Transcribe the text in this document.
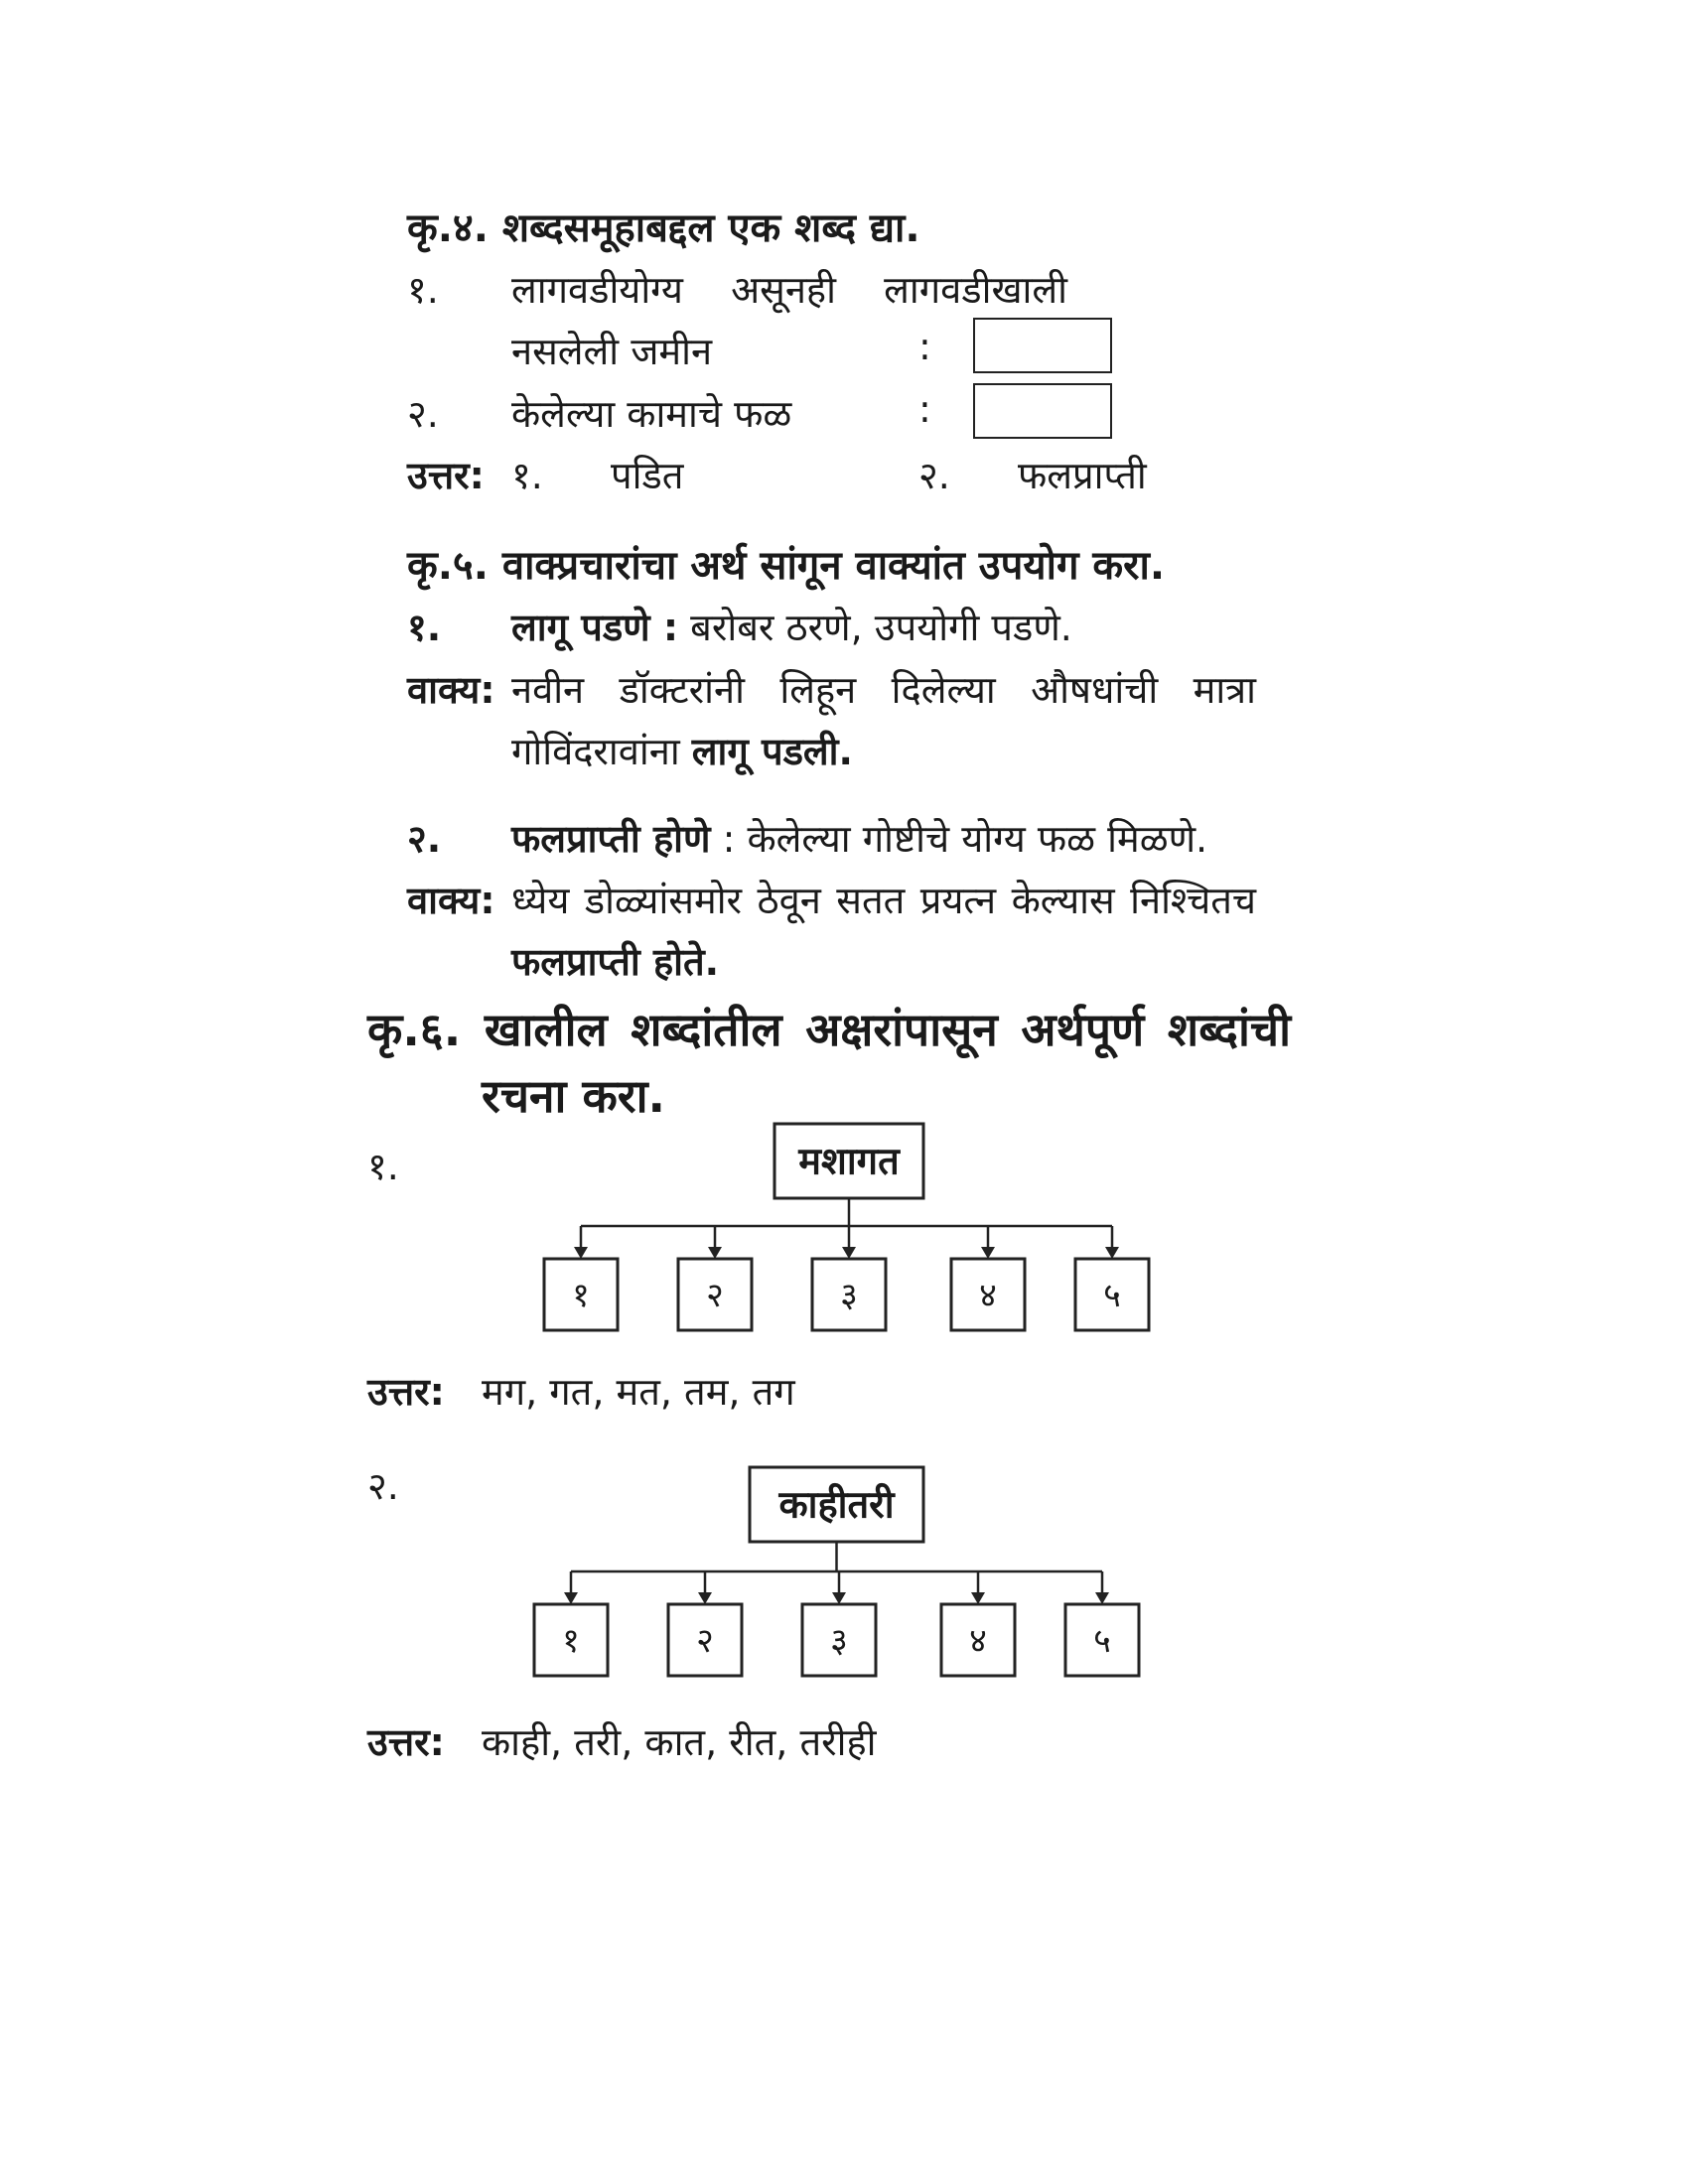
कृ.४. शब्दसमूहाबद्दल एक शब्द द्या.
१. लागवडीयोग्य असूनही लागवडीखाली
नसलेली जमीन	:
२. केलेल्या कामाचे फळ	:
उत्तर: १. पडित	२. फलप्राप्ती
कृ.५. वाक्प्रचारांचा अर्थ सांगून वाक्यांत उपयोग करा.
१. लागू पडणे : बरोबर ठरणे, उपयोगी पडणे.
वाक्य: नवीन डॉक्टरांनी लिहून दिलेल्या औषधांची मात्रा
गोविंदरावांना लागू पडली.
२. फलप्राप्ती होणे : केलेल्या गोष्टीचे योग्य फळ मिळणे.
वाक्य: ध्येय डोळ्यांसमोर ठेवून सतत प्रयत्न केल्यास निश्चितच
फलप्राप्ती होते.
कृ.६. खालील शब्दांतील अक्षरांपासून अर्थपूर्ण शब्दांची
रचना करा.
१.	मशागत
१	२	३	४	५
उत्तर: मग, गत, मत, तम, तग
२.	काहीतरी
१	२	३	४	५
उत्तर: काही, तरी, कात, रीत, तरीही
